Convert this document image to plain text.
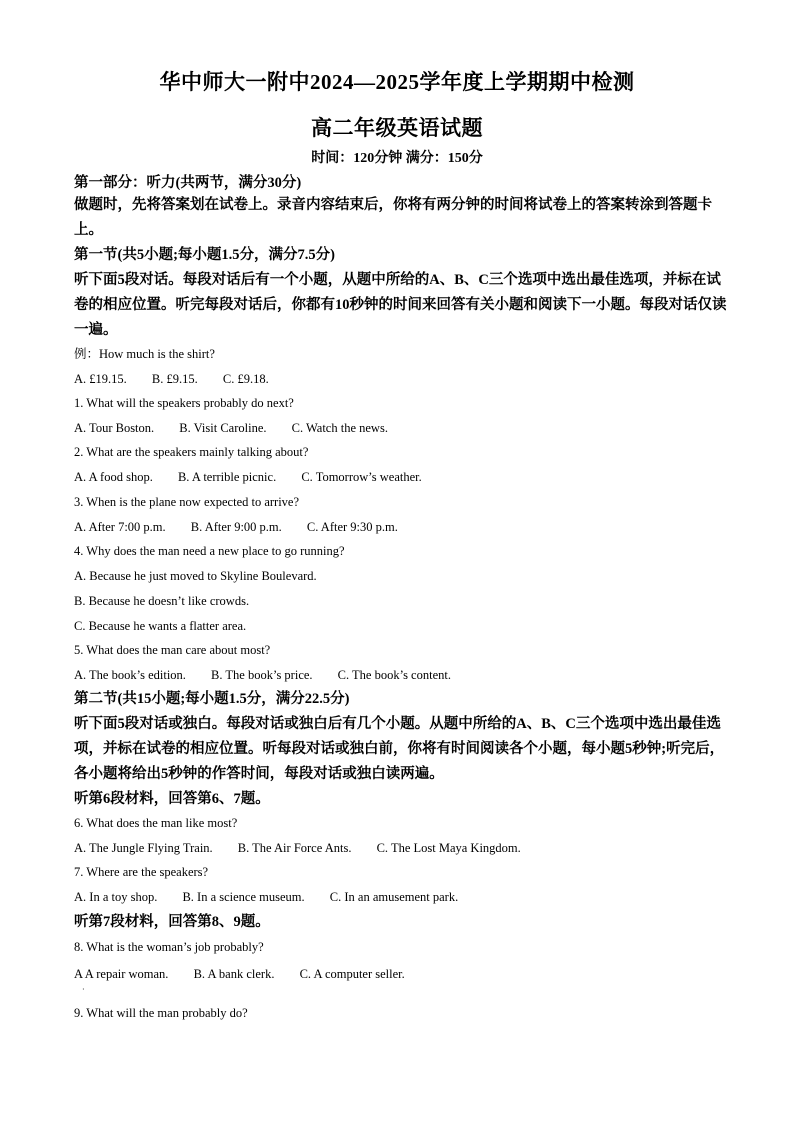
华中师大一附中2024—2025学年度上学期期中检测
高二年级英语试题
时间：120分钟 满分：150分
第一部分：听力(共两节，满分30分)
做题时，先将答案划在试卷上。录音内容结束后，你将有两分钟的时间将试卷上的答案转涂到答题卡上。
第一节(共5小题;每小题1.5分，满分7.5分)
听下面5段对话。每段对话后有一个小题，从题中所给的A、B、C三个选项中选出最佳选项，并标在试卷的相应位置。听完每段对话后，你都有10秒钟的时间来回答有关小题和阅读下一小题。每段对话仅读一遍。
例：How much is the shirt?
A. £19.15. B. £9.15. C. £9.18.
1. What will the speakers probably do next?
A. Tour Boston. B. Visit Caroline. C. Watch the news.
2. What are the speakers mainly talking about?
A. A food shop. B. A terrible picnic. C. Tomorrow’s weather.
3. When is the plane now expected to arrive?
A. After 7:00 p.m. B. After 9:00 p.m. C. After 9:30 p.m.
4. Why does the man need a new place to go running?
A. Because he just moved to Skyline Boulevard.
B. Because he doesn’t like crowds.
C. Because he wants a flatter area.
5. What does the man care about most?
A. The book’s edition. B. The book’s price. C. The book’s content.
第二节(共15小题;每小题1.5分，满分22.5分)
听下面5段对话或独白。每段对话或独白后有几个小题。从题中所给的A、B、C三个选项中选出最佳选项，并标在试卷的相应位置。听每段对话或独白前，你将有时间阅读各个小题，每小题5秒钟;听完后，各小题将给出5秒钟的作答时间，每段对话或独白读两遍。
听第6段材料，回答第6、7题。
6. What does the man like most?
A. The Jungle Flying Train. B. The Air Force Ants. C. The Lost Maya Kingdom.
7. Where are the speakers?
A. In a toy shop. B. In a science museum. C. In an amusement park.
听第7段材料，回答第8、9题。
8. What is the woman’s job probably?
A A repair woman. B. A bank clerk. C. A computer seller.
·
9. What will the man probably do?
